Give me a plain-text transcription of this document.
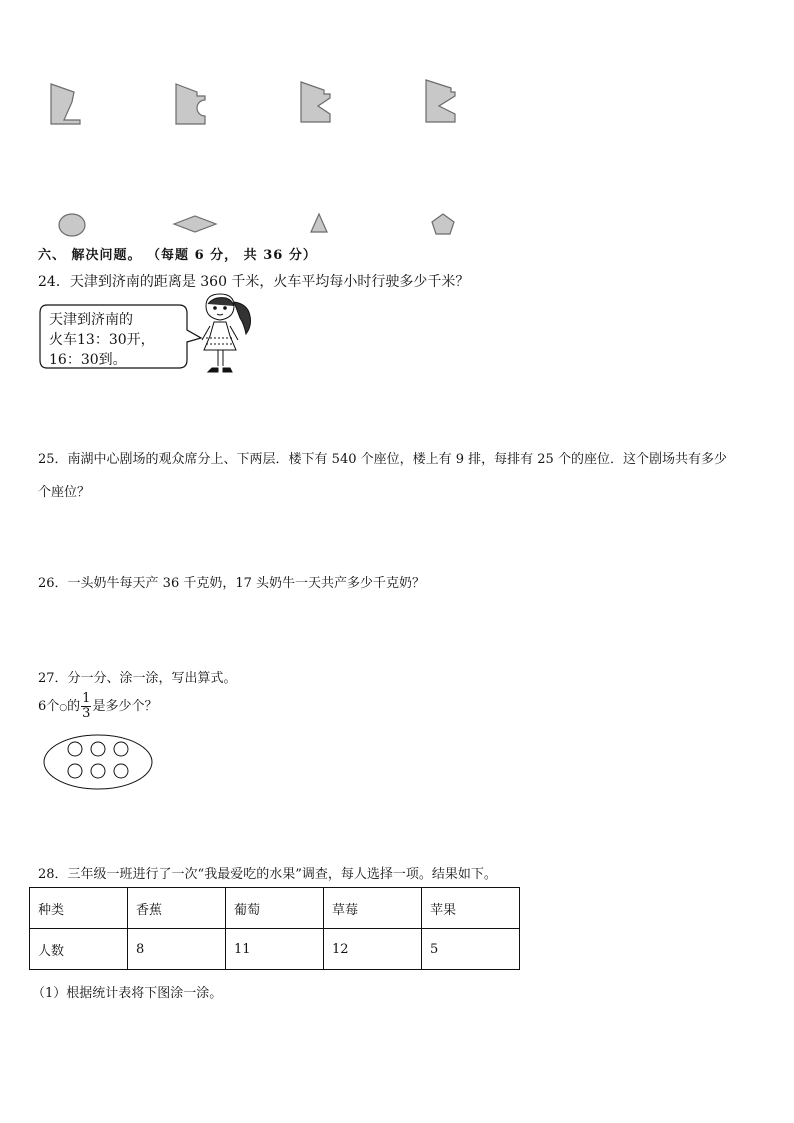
六、 解决问题。 （每题 6 分， 共 36 分）
24．天津到济南的距离是 360 千米，火车平均每小时行驶多少千米？
天津到济南的
火车13：30开，
16：30到。
25．南湖中心剧场的观众席分上、下两层．楼下有 540 个座位，楼上有 9 排，每排有 25 个的座位．这个剧场共有多少
个座位？
26．一头奶牛每天产 36 千克奶，17 头奶牛一天共产多少千克奶？
27．分一分、涂一涂，写出算式。
6个○的 $\frac{1}{3}$ 是多少个？
28．三年级一班进行了一次“我最爱吃的水果”调查，每人选择一项。结果如下。
种类	香蕉	葡萄	草莓	苹果
人数	8	11	12	5
（1）根据统计表将下图涂一涂。
